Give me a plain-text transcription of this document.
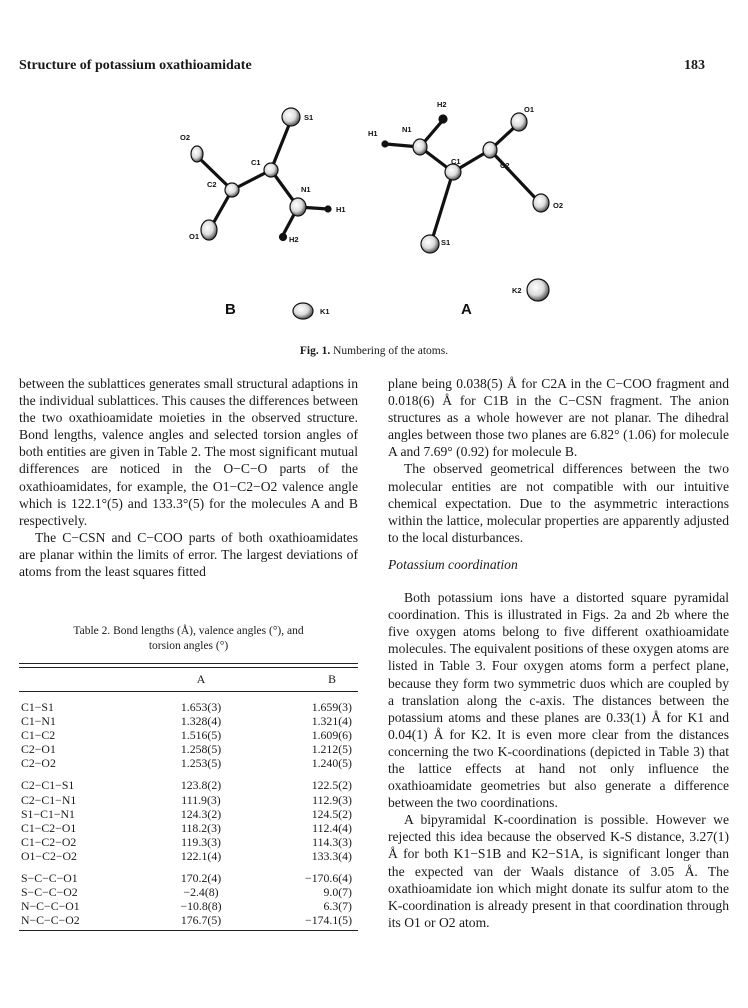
Structure of potassium oxathioamidate	183
S1
O2
C1
C2
N1
H1
O1	H2
K1
H2
O1
H1	N1
C1	C2
O2
S1
K2
B	A
Fig. 1. Numbering of the atoms.

between the sublattices generates small structural adaptions in the individual sublattices. This causes the differences between the two oxathioamidate moieties in the observed structure. Bond lengths, valence angles and selected torsion angles of both entities are given in Table 2. The most significant mutual differences are noticed in the O−C−O parts of the oxathioamidates, for example, the O1−C2−O2 valence angle which is 122.1°(5) and 133.3°(5) for the molecules A and B respectively.

The C−CSN and C−COO parts of both oxathioamidates are planar within the limits of error. The largest deviations of atoms from the least squares fitted

Table 2. Bond lengths (Å), valence angles (°), and
torsion angles (°)

	A	B
C1−S1	1.653(3)	1.659(3)
C1−N1	1.328(4)	1.321(4)
C1−C2	1.516(5)	1.609(6)
C2−O1	1.258(5)	1.212(5)
C2−O2	1.253(5)	1.240(5)
C2−C1−S1	123.8(2)	122.5(2)
C2−C1−N1	111.9(3)	112.9(3)
S1−C1−N1	124.3(2)	124.5(2)
C1−C2−O1	118.2(3)	112.4(4)
C1−C2−O2	119.3(3)	114.3(3)
O1−C2−O2	122.1(4)	133.3(4)
S−C−C−O1	170.2(4)	−170.6(4)
S−C−C−O2	−2.4(8)	9.0(7)
N−C−C−O1	−10.8(8)	6.3(7)
N−C−C−O2	176.7(5)	−174.1(5)

plane being 0.038(5) Å for C2A in the C−COO fragment and 0.018(6) Å for C1B in the C−CSN fragment. The anion structures as a whole however are not planar. The dihedral angles between those two planes are 6.82° (1.06) for molecule A and 7.69° (0.92) for molecule B.

The observed geometrical differences between the two molecular entities are not compatible with our intuitive chemical expectation. Due to the asymmetric interactions within the lattice, molecular properties are apparently adjusted to the local disturbances.

Potassium coordination

Both potassium ions have a distorted square pyramidal coordination. This is illustrated in Figs. 2a and 2b where the five oxygen atoms belong to five different oxathioamidate molecules. The equivalent positions of these oxygen atoms are listed in Table 3. Four oxygen atoms form a perfect plane, because they form two symmetric duos which are coupled by a translation along the c-axis. The distances between the potassium atoms and these planes are 0.33(1) Å for K1 and 0.04(1) Å for K2. It is even more clear from the distances concerning the two K-coordinations (depicted in Table 3) that the lattice effects at hand not only influence the oxathioamidate geometries but also generate a difference between the two coordinations.

A bipyramidal K-coordination is possible. However we rejected this idea because the observed K-S distance, 3.27(1) Å for both K1−S1B and K2−S1A, is significant longer than the expected van der Waals distance of 3.05 Å. The oxathioamidate ion which might donate its sulfur atom to the K-coordination is already present in that coordination through its O1 or O2 atom.
